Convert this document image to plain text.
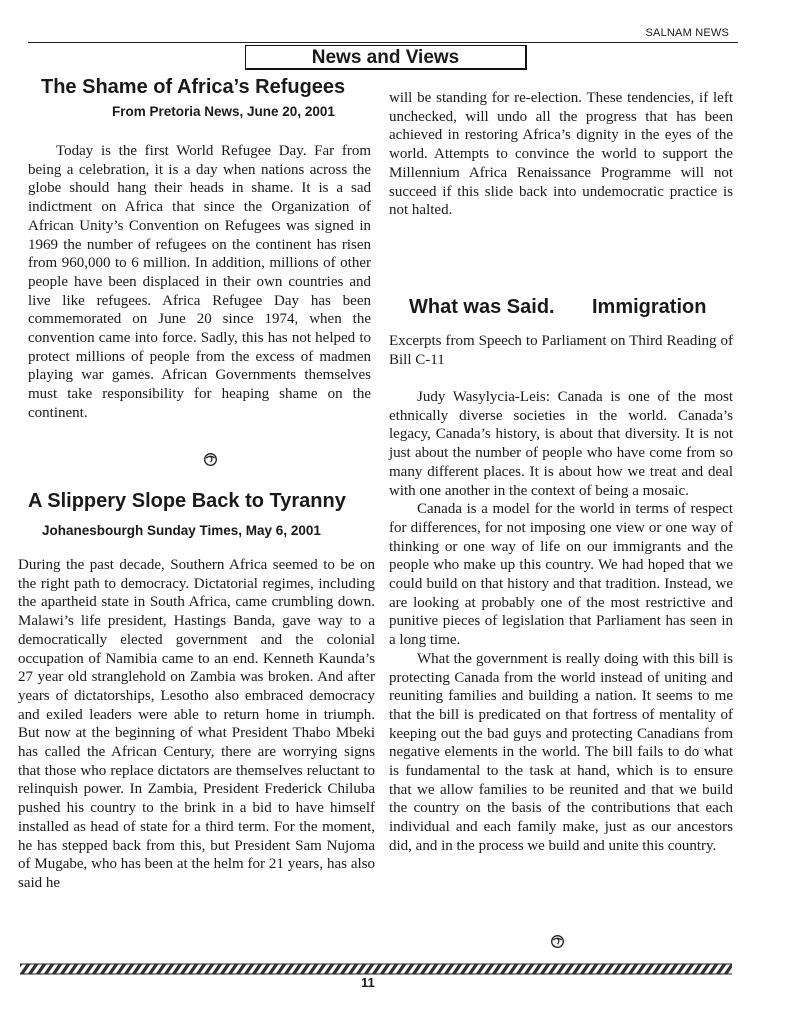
SALNAM NEWS
News and Views
The Shame of Africa’s Refugees
From Pretoria News, June 20, 2001

Today is the first World Refugee Day. Far from being a celebration, it is a day when nations across the globe should hang their heads in shame. It is a sad indictment on Africa that since the Organization of African Unity’s Convention on Refugees was signed in 1969 the number of refugees on the continent has risen from 960,000 to 6 million. In addition, millions of other people have been displaced in their own countries and live like refugees. Africa Refugee Day has been commemorated on June 20 since 1974, when the convention came into force. Sadly, this has not helped to protect millions of people from the excess of madmen playing war games. African Governments themselves must take responsibility for heaping shame on the continent.

A Slippery Slope Back to Tyranny
Johanesbourgh Sunday Times, May 6, 2001

During the past decade, Southern Africa seemed to be on the right path to democracy. Dictatorial regimes, including the apartheid state in South Africa, came crumbling down. Malawi’s life president, Hastings Banda, gave way to a democratically elected government and the colonial occupation of Namibia came to an end. Kenneth Kaunda’s 27 year old stranglehold on Zambia was broken. And after years of dictatorships, Lesotho also embraced democracy and exiled leaders were able to return home in triumph. But now at the beginning of what President Thabo Mbeki has called the African Century, there are worrying signs that those who replace dictators are themselves reluctant to relinquish power. In Zambia, President Frederick Chiluba pushed his country to the brink in a bid to have himself installed as head of state for a third term. For the moment, he has stepped back from this, but President Sam Nujoma of Mugabe, who has been at the helm for 21 years, has also said he

will be standing for re-election. These tendencies, if left unchecked, will undo all the progress that has been achieved in restoring Africa’s dignity in the eyes of the world. Attempts to convince the world to support the Millennium Africa Renaissance Programme will not succeed if this slide back into undemocratic practice is not halted.

What was Said. Immigration

Excerpts from Speech to Parliament on Third Reading of Bill C-11

Judy Wasylycia-Leis: Canada is one of the most ethnically diverse societies in the world. Canada’s legacy, Canada’s history, is about that diversity. It is not just about the number of people who have come from so many different places. It is about how we treat and deal with one another in the context of being a mosaic.

Canada is a model for the world in terms of respect for differences, for not imposing one view or one way of thinking or one way of life on our immigrants and the people who make up this country. We had hoped that we could build on that history and that tradition. Instead, we are looking at probably one of the most restrictive and punitive pieces of legislation that Parliament has seen in a long time.

What the government is really doing with this bill is protecting Canada from the world instead of uniting and reuniting families and building a nation. It seems to me that the bill is predicated on that fortress of mentality of keeping out the bad guys and protecting Canadians from negative elements in the world. The bill fails to do what is fundamental to the task at hand, which is to ensure that we allow families to be reunited and that we build the country on the basis of the contributions that each individual and each family make, just as our ancestors did, and in the process we build and unite this country.

11
